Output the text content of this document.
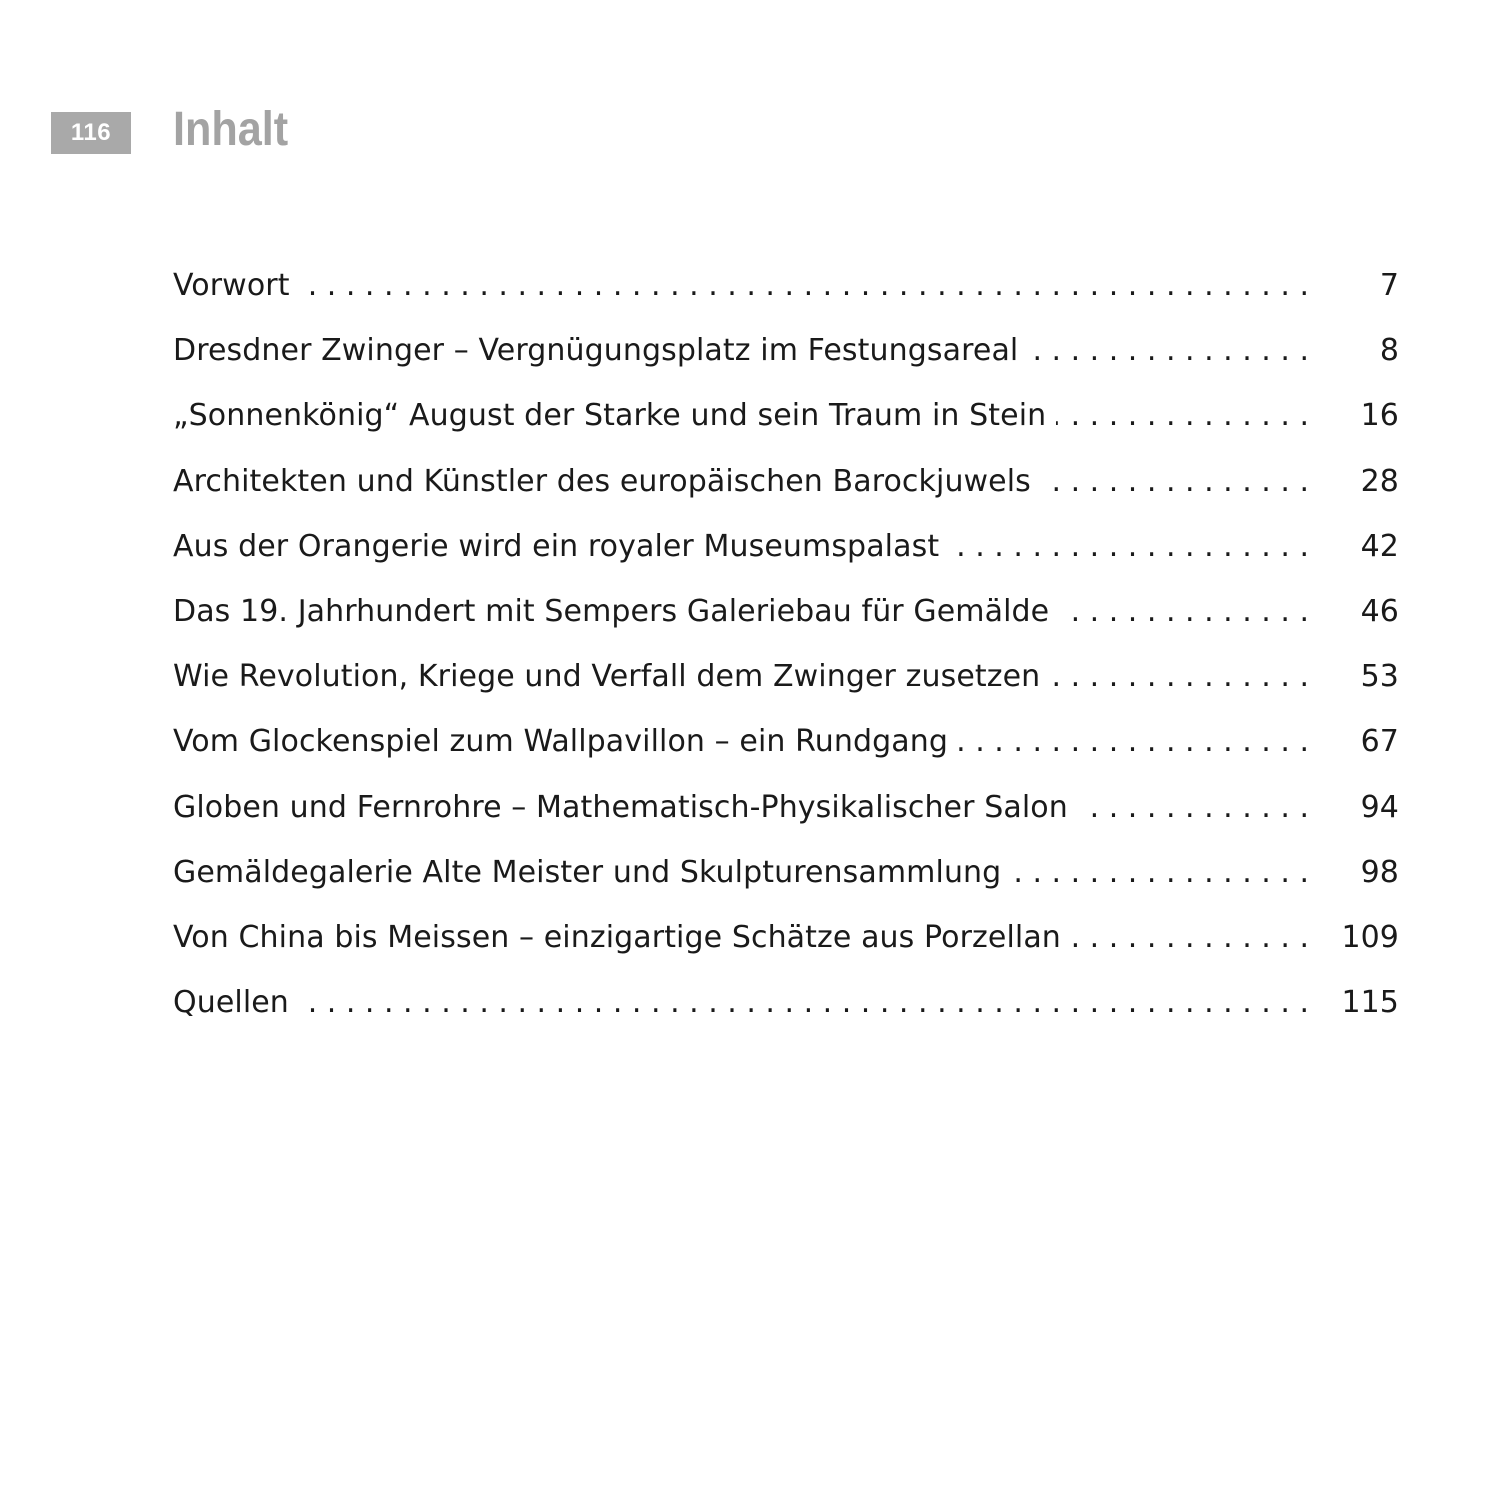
116	Inhalt
Vorwort . . .	7
Dresdner Zwinger – Vergnügungsplatz im Festungsareal . . .	8
„Sonnenkönig“ August der Starke und sein Traum in Stein . . .	16
Architekten und Künstler des europäischen Barockjuwels . . .	28
Aus der Orangerie wird ein royaler Museumspalast . . .	42
Das 19. Jahrhundert mit Sempers Galeriebau für Gemälde . . .	46
Wie Revolution, Kriege und Verfall dem Zwinger zusetzen . . .	53
Vom Glockenspiel zum Wallpavillon – ein Rundgang . . .	67
Globen und Fernrohre – Mathematisch-Physikalischer Salon . . .	94
Gemäldegalerie Alte Meister und Skulpturensammlung . . .	98
Von China bis Meissen – einzigartige Schätze aus Porzellan . . .	109
Quellen . . .	115
